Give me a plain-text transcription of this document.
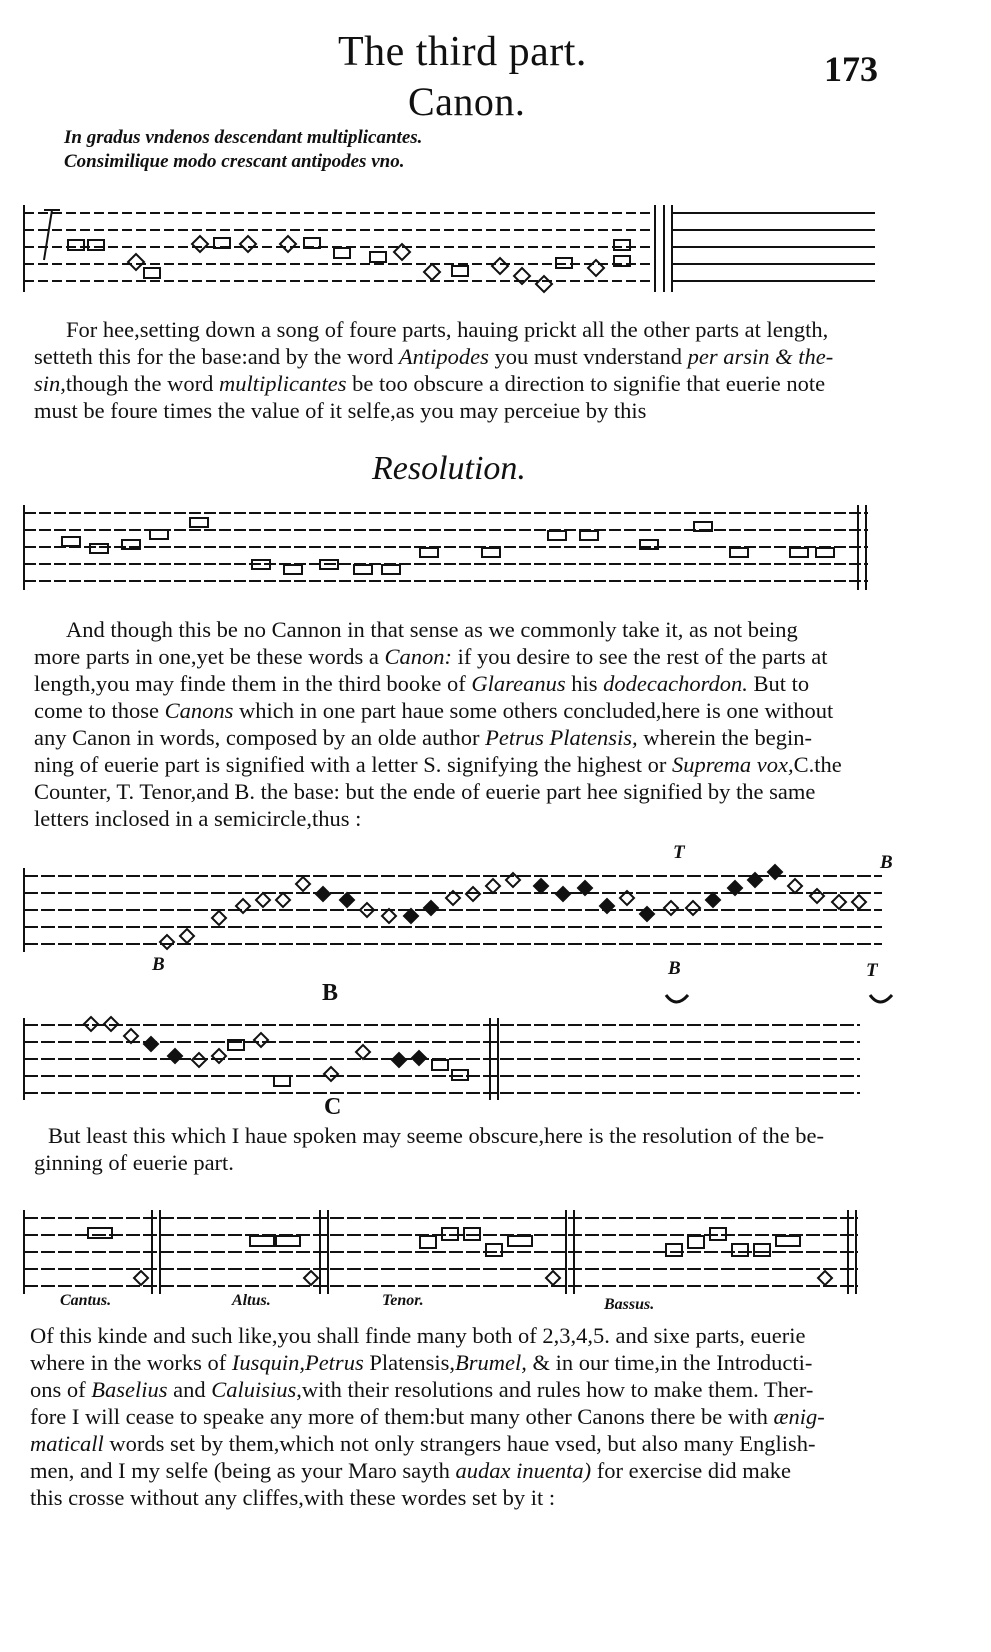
The third part.	173
Canon.
In gradus vndenos descendant multiplicantes.
Consimilique modo crescant antipodes vno.

For hee,setting down a song of foure parts, hauing prickt all the other parts at length,

setteth this for the base:and by the word Antipodes you must vnderstand per arsin & the-

sin,though the word multiplicantes be too obscure a direction to signifie that euerie note

must be foure times the value of it selfe,as you may perceiue by this

Resolution.

And though this be no Cannon in that sense as we commonly take it, as not being

more parts in one,yet be these words a Canon: if you desire to see the rest of the parts at

length,you may finde them in the third booke of Glareanus his dodecachordon. But to

come to those Canons which in one part haue some others concluded,here is one without

any Canon in words, composed by an olde author Petrus Platensis, wherein the begin-

ning of euerie part is signified with a letter S. signifying the highest or Suprema vox,C.the

Counter, T. Tenor,and B. the base: but the ende of euerie part hee signified by the same

letters inclosed in a semicircle,thus :

T	B
B	B	T
B
C

But least this which I haue spoken may seeme obscure,here is the resolution of the be-

ginning of euerie part.

Cantus.	Altus.	Tenor.	Bassus.

Of this kinde and such like,you shall finde many both of 2,3,4,5. and sixe parts, euerie

where in the works of Iusquin,Petrus Platensis,Brumel, & in our time,in the Introducti-

ons of Baselius and Caluisius,with their resolutions and rules how to make them. Ther-

fore I will cease to speake any more of them:but many other Canons there be with ænig-

maticall words set by them,which not only strangers haue vsed, but also many English-

men, and I my selfe (being as your Maro sayth audax inuenta) for exercise did make

this crosse without any cliffes,with these wordes set by it :
